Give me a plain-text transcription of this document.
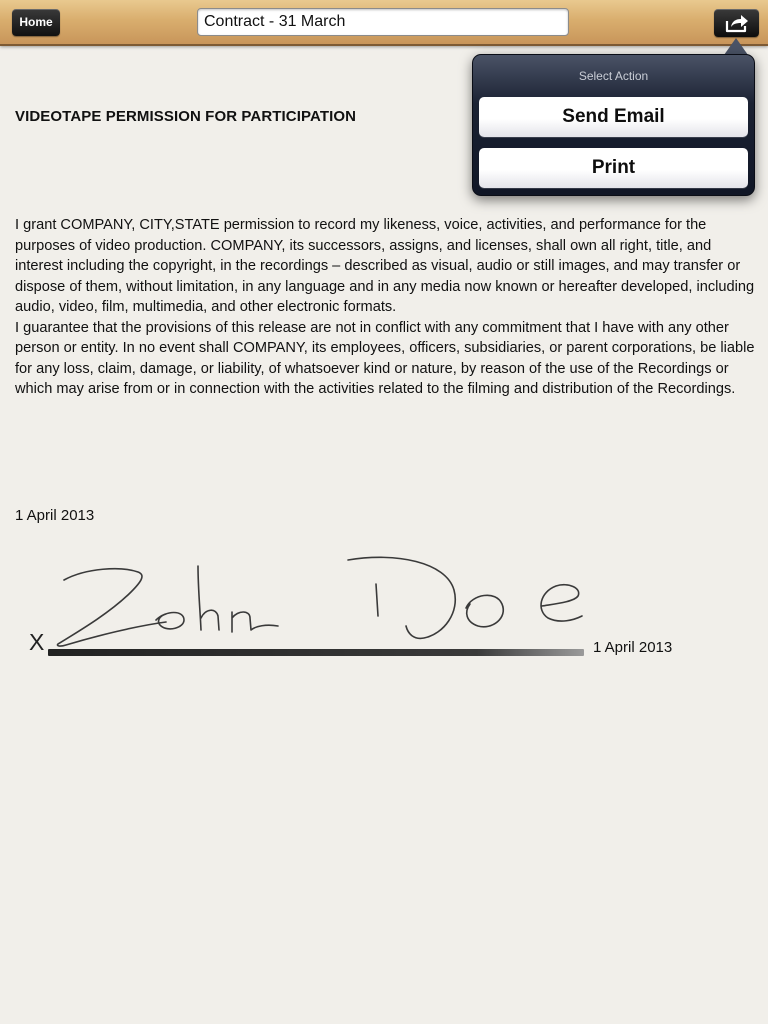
Home
Contract - 31 March
VIDEOTAPE PERMISSION FOR PARTICIPATION

I grant COMPANY, CITY,STATE permission to record my likeness, voice, activities, and performance for the purposes of video production. COMPANY, its successors, assigns, and licenses, shall own all right, title, and interest including the copyright, in the recordings – described as visual, audio or still images, and may transfer or dispose of them, without limitation, in any language and in any media now known or hereafter developed, including audio, video, film, multimedia, and other electronic formats.

I guarantee that the provisions of this release are not in conflict with any commitment that I have with any other person or entity. In no event shall COMPANY, its employees, officers, subsidiaries, or parent corporations, be liable for any loss, claim, damage, or liability, of whatsoever kind or nature, by reason of the use of the Recordings or which may arise from or in connection with the activities related to the filming and distribution of the Recordings.

1 April 2013
X	1 April 2013
Select Action
Send Email
Print
